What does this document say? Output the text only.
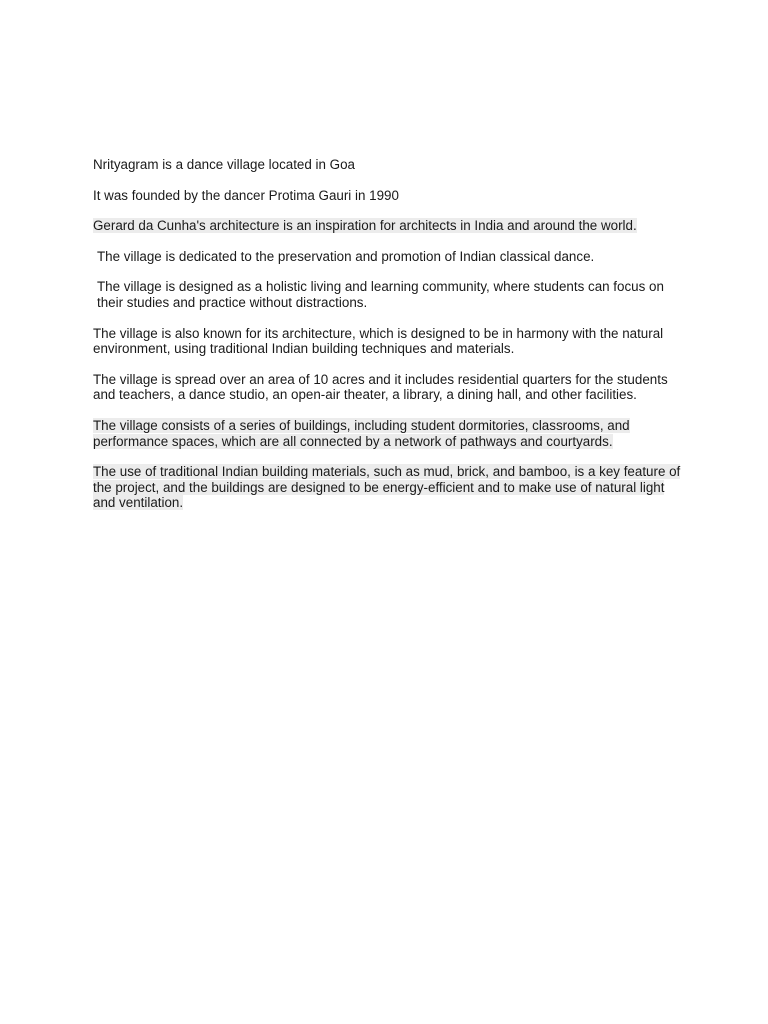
Nrityagram is a dance village located in Goa

It was founded by the dancer Protima Gauri in 1990

Gerard da Cunha's architecture is an inspiration for architects in India and around the world.

The village is dedicated to the preservation and promotion of Indian classical dance.

The village is designed as a holistic living and learning community, where students can focus on their studies and practice without distractions.

The village is also known for its architecture, which is designed to be in harmony with the natural environment, using traditional Indian building techniques and materials.

The village is spread over an area of 10 acres and it includes residential quarters for the students and teachers, a dance studio, an open-air theater, a library, a dining hall, and other facilities.

The village consists of a series of buildings, including student dormitories, classrooms, and performance spaces, which are all connected by a network of pathways and courtyards.

The use of traditional Indian building materials, such as mud, brick, and bamboo, is a key feature of the project, and the buildings are designed to be energy-efficient and to make use of natural light and ventilation.
